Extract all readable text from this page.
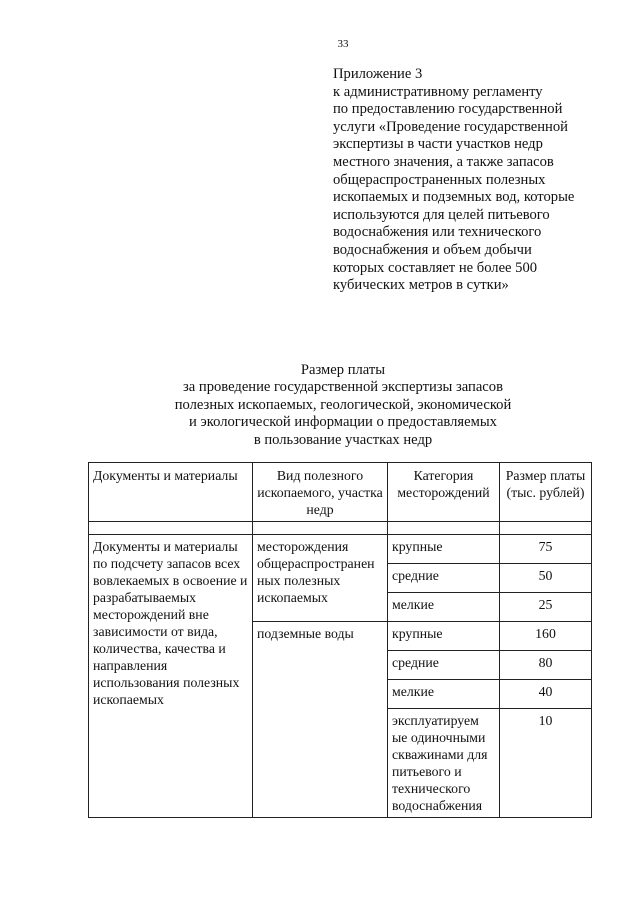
33
Приложение 3
к административному регламенту
по предоставлению государственной
услуги «Проведение государственной
экспертизы в части участков недр
местного значения, а также запасов
общераспространенных полезных
ископаемых и подземных вод, которые
используются для целей питьевого
водоснабжения или технического
водоснабжения и объем добычи
которых составляет не более 500
кубических метров в сутки»
Размер платы
за проведение государственной экспертизы запасов
полезных ископаемых, геологической, экономической
и экологической информации о предоставляемых
в пользование участках недр
Документы и материалы	Вид полезного ископаемого, участка недр	Категория месторождений	Размер платы (тыс. рублей)

Документы и материалы по подсчету запасов всех вовлекаемых в освоение и разрабатываемых месторождений вне зависимости от вида, количества, качества и направления использования полезных ископаемых	месторождения общераспространен ных полезных ископаемых	крупные	75
		средние	50
		мелкие	25
	подземные воды	крупные	160
		средние	80
		мелкие	40
		эксплуатируем ые одиночными скважинами для питьевого и технического водоснабжения	10
